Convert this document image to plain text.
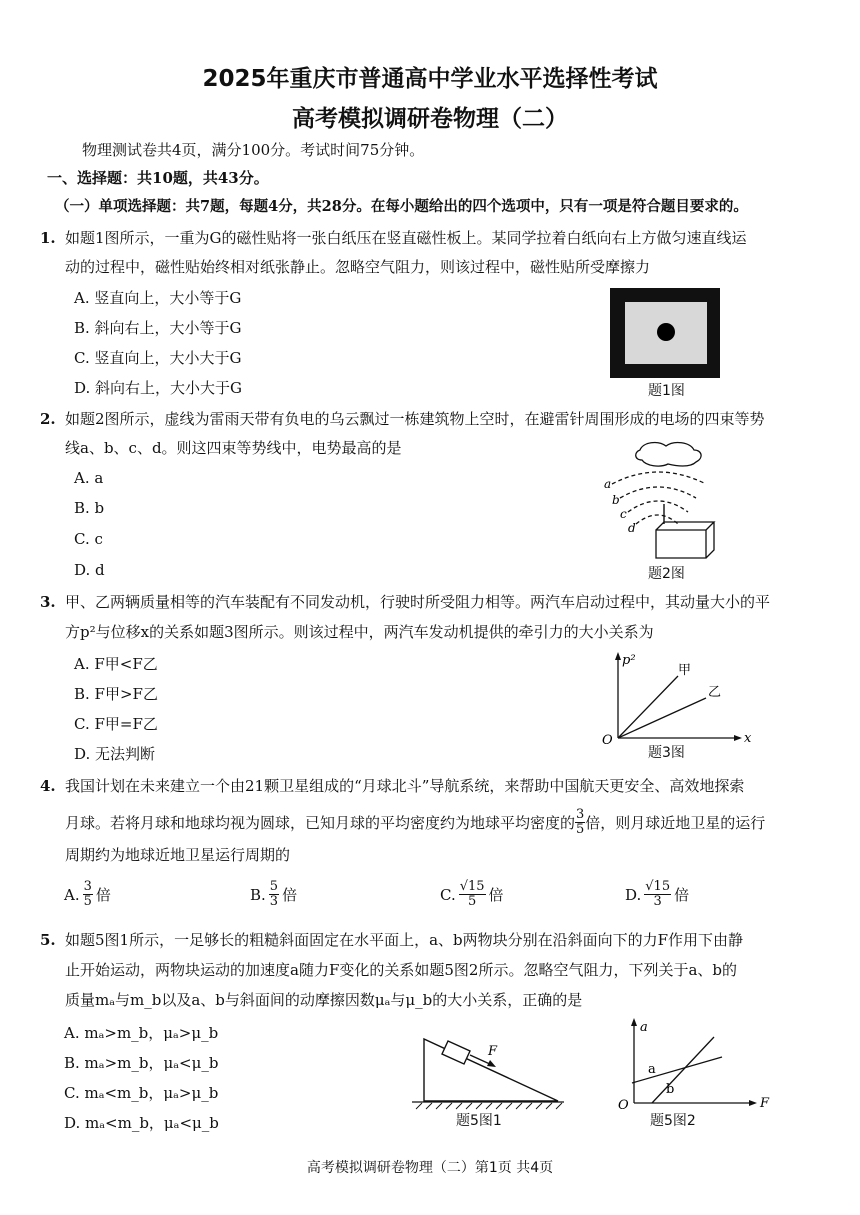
2025年重庆市普通高中学业水平选择性考试
高考模拟调研卷物理（二）
物理测试卷共4页，满分100分。考试时间75分钟。
一、选择题：共10题，共43分。
（一）单项选择题：共7题，每题4分，共28分。在每小题给出的四个选项中，只有一项是符合题目要求的。
1. 如题1图所示，一重为G的磁性贴将一张白纸压在竖直磁性板上。某同学拉着白纸向右上方做匀速直线运
动的过程中，磁性贴始终相对纸张静止。忽略空气阻力，则该过程中，磁性贴所受摩擦力
A. 竖直向上，大小等于G
B. 斜向右上，大小等于G
C. 竖直向上，大小大于G
D. 斜向右上，大小大于G	题1图
2. 如题2图所示，虚线为雷雨天带有负电的乌云飘过一栋建筑物上空时，在避雷针周围形成的电场的四束等势
线a、b、c、d。则这四束等势线中，电势最高的是
A. a
B. b
C. c
D. d
a
b
c
d
题2图
3. 甲、乙两辆质量相等的汽车装配有不同发动机，行驶时所受阻力相等。两汽车启动过程中，其动量大小的平
方p²与位移x的关系如题3图所示。则该过程中，两汽车发动机提供的牵引力的大小关系为
A. F甲<F乙
B. F甲>F乙
C. F甲=F乙
D. 无法判断
p²
x
O
甲
乙
题3图
4. 我国计划在未来建立一个由21颗卫星组成的“月球北斗”导航系统，来帮助中国航天更安全、高效地探索
月球。若将月球和地球均视为圆球，已知月球的平均密度约为地球平均密度的 $\frac{3}{5}$ 倍，则月球近地卫星的运行
周期约为地球近地卫星运行周期的
A. $\frac{3}{5}$ 倍	B. $\frac{5}{3}$ 倍	C. $\frac{√15}{5}$ 倍	D. $\frac{√15}{3}$ 倍
5. 如题5图1所示，一足够长的粗糙斜面固定在水平面上，a、b两物块分别在沿斜面向下的力F作用下由静
止开始运动，两物块运动的加速度a随力F变化的关系如题5图2所示。忽略空气阻力，下列关于a、b的
质量mₐ与m_b以及a、b与斜面间的动摩擦因数μₐ与μ_b的大小关系，正确的是
A. mₐ>m_b，μₐ>μ_b
B. mₐ>m_b，μₐ<μ_b
C. mₐ<m_b，μₐ>μ_b
D. mₐ<m_b，μₐ<μ_b
F
题5图1
a
F
O
a
b
题5图2
高考模拟调研卷物理（二）第1页 共4页
